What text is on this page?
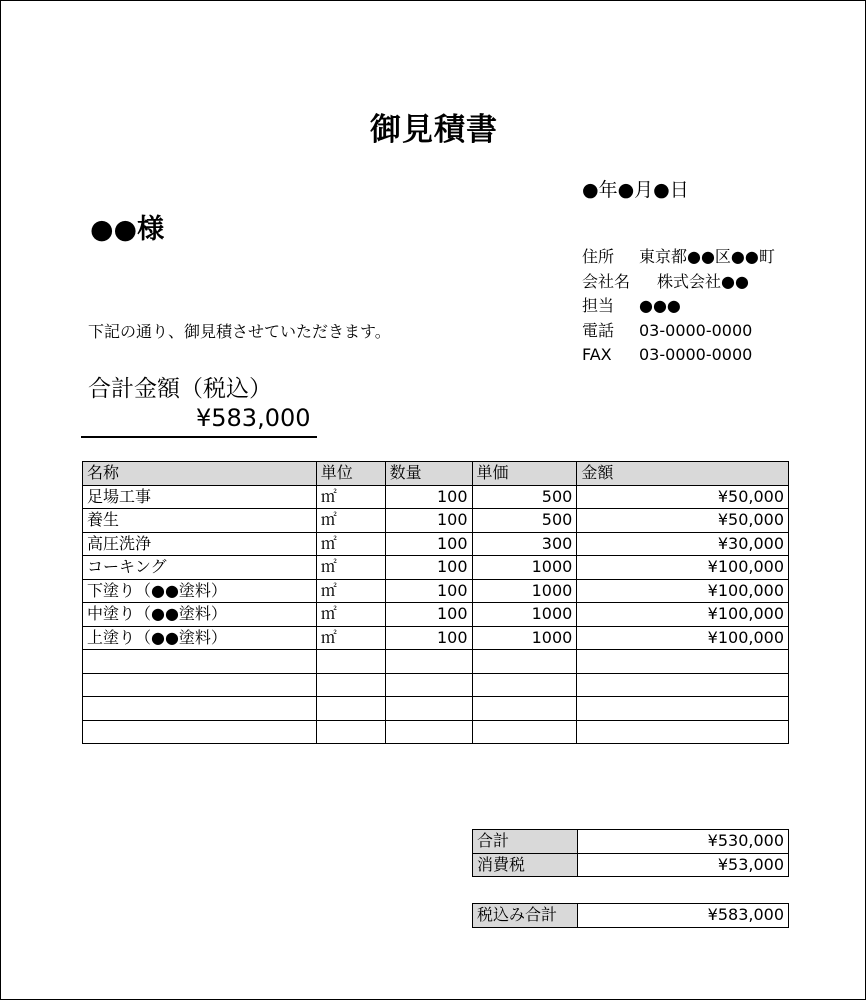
御見積書
●年●月●日
●●様
住所	東京都●●区●●町
会社名	株式会社●●
担当	●●●
電話	03-0000-0000
FAX	03-0000-0000
下記の通り、御見積させていただきます。
合計金額（税込）
¥583,000
名称	単位	数量	単価	金額
足場工事	㎡	100	500	¥50,000
養生	㎡	100	500	¥50,000
高圧洗浄	㎡	100	300	¥30,000
コーキング	㎡	100	1000	¥100,000
下塗り（●●塗料）	㎡	100	1000	¥100,000
中塗り（●●塗料）	㎡	100	1000	¥100,000
上塗り（●●塗料）	㎡	100	1000	¥100,000

合計	¥530,000
消費税	¥53,000
税込み合計	¥583,000
